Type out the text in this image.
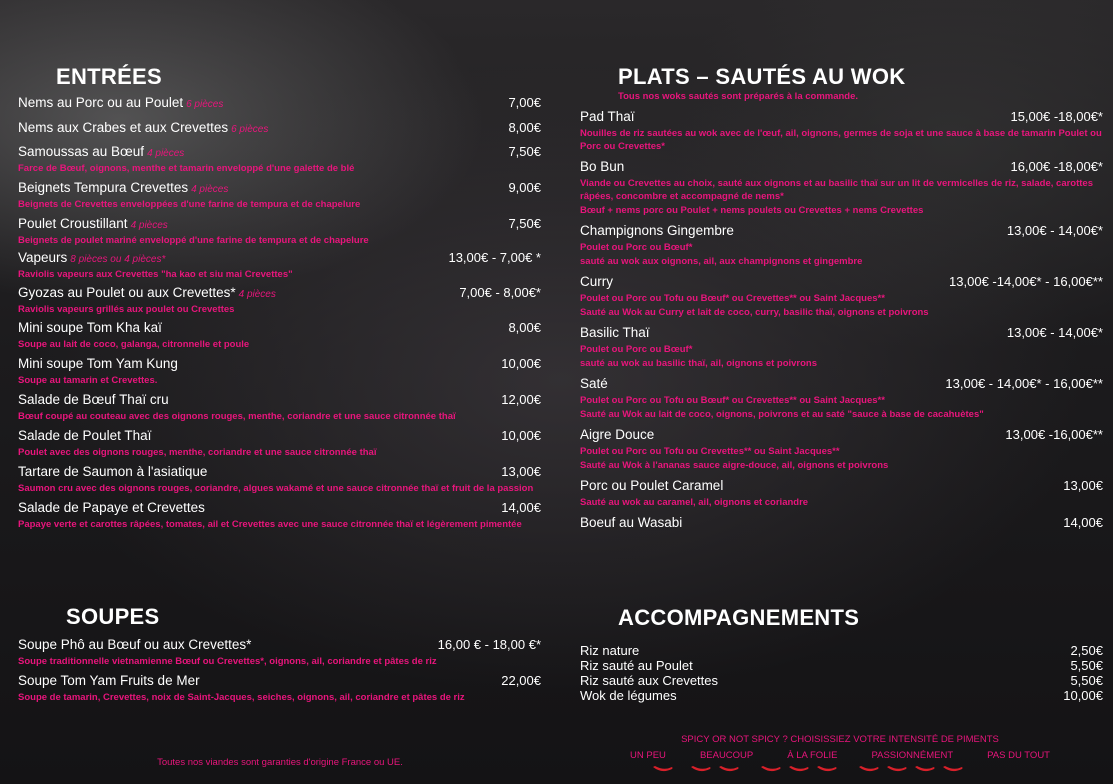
ENTRÉES
Nems au Porc ou au Poulet 6 pièces	7,00€
Nems aux Crabes et aux Crevettes 6 pièces	8,00€
Samoussas au Bœuf 4 pièces	7,50€
Farce de Bœuf, oignons, menthe et tamarin enveloppé d'une galette de blé
Beignets Tempura Crevettes 4 pièces	9,00€
Beignets de Crevettes enveloppées d'une farine de tempura et de chapelure
Poulet Croustillant 4 pièces	7,50€
Beignets de poulet mariné enveloppé d'une farine de tempura et de chapelure
Vapeurs 8 pièces ou 4 pièces*	13,00€ - 7,00€ *
Raviolis vapeurs aux Crevettes "ha kao et siu mai Crevettes"
Gyozas au Poulet ou aux Crevettes* 4 pièces	7,00€ - 8,00€*
Raviolis vapeurs grillés aux poulet ou Crevettes
Mini soupe Tom Kha kaï	8,00€
Soupe au lait de coco, galanga, citronnelle et poule
Mini soupe Tom Yam Kung	10,00€
Soupe au tamarin et Crevettes.
Salade de Bœuf Thaï cru	12,00€
Bœuf coupé au couteau avec des oignons rouges, menthe, coriandre et une sauce citronnée thaï
Salade de Poulet Thaï	10,00€
Poulet avec des oignons rouges, menthe, coriandre et une sauce citronnée thaï
Tartare de Saumon à l'asiatique	13,00€
Saumon cru avec des oignons rouges, coriandre, algues wakamé et une sauce citronnée thaï et fruit de la passion
Salade de Papaye et Crevettes	14,00€
Papaye verte et carottes râpées, tomates, ail et Crevettes avec une sauce citronnée thaï et légèrement pimentée
SOUPES
Soupe Phô au Bœuf ou aux Crevettes*	16,00 € - 18,00 €*
Soupe traditionnelle vietnamienne Bœuf ou Crevettes*, oignons, ail, coriandre et pâtes de riz
Soupe Tom Yam Fruits de Mer	22,00€
Soupe de tamarin, Crevettes, noix de Saint-Jacques, seiches, oignons, ail, coriandre et pâtes de riz
PLATS – SAUTÉS AU WOK
Tous nos woks sautés sont préparés à la commande.
Pad Thaï	15,00€ -18,00€*
Nouilles de riz sautées au wok avec de l'œuf, ail, oignons, germes de soja et une sauce à base de tamarin Poulet ou Porc ou Crevettes*
Bo Bun	16,00€ -18,00€*
Viande ou Crevettes au choix, sauté aux oignons et au basilic thaï sur un lit de vermicelles de riz, salade, carottes râpées, concombre et accompagné de nems*
Bœuf + nems porc ou Poulet + nems poulets ou Crevettes + nems Crevettes
Champignons Gingembre	13,00€ - 14,00€*
Poulet ou Porc ou Bœuf*
sauté au wok aux oignons, ail, aux champignons et gingembre
Curry	13,00€ -14,00€* - 16,00€**
Poulet ou Porc ou Tofu ou Bœuf* ou Crevettes** ou Saint Jacques**
Sauté au Wok au Curry et lait de coco, curry, basilic thaï, oignons et poivrons
Basilic Thaï	13,00€ - 14,00€*
Poulet ou Porc ou Bœuf*
sauté au wok au basilic thaï, ail, oignons et poivrons
Saté	13,00€ - 14,00€* - 16,00€**
Poulet ou Porc ou Tofu ou Bœuf* ou Crevettes** ou Saint Jacques**
Sauté au Wok au lait de coco, oignons, poivrons et au saté "sauce à base de cacahuètes"
Aigre Douce	13,00€ -16,00€**
Poulet ou Porc ou Tofu ou Crevettes** ou Saint Jacques**
Sauté au Wok à l'ananas sauce aigre-douce, ail, oignons et poivrons
Porc ou Poulet Caramel	13,00€
Sauté au wok au caramel, ail, oignons et coriandre
Boeuf au Wasabi	14,00€
ACCOMPAGNEMENTS
Riz nature	2,50€
Riz sauté au Poulet	5,50€
Riz sauté aux Crevettes	5,50€
Wok de légumes	10,00€
SPICY OR NOT SPICY ? CHOISISSIEZ VOTRE INTENSITÉ DE PIMENTS
UN PEU	BEAUCOUP	À LA FOLIE	PASSIONNÉMENT	PAS DU TOUT
Toutes nos viandes sont garanties d'origine France ou UE.
